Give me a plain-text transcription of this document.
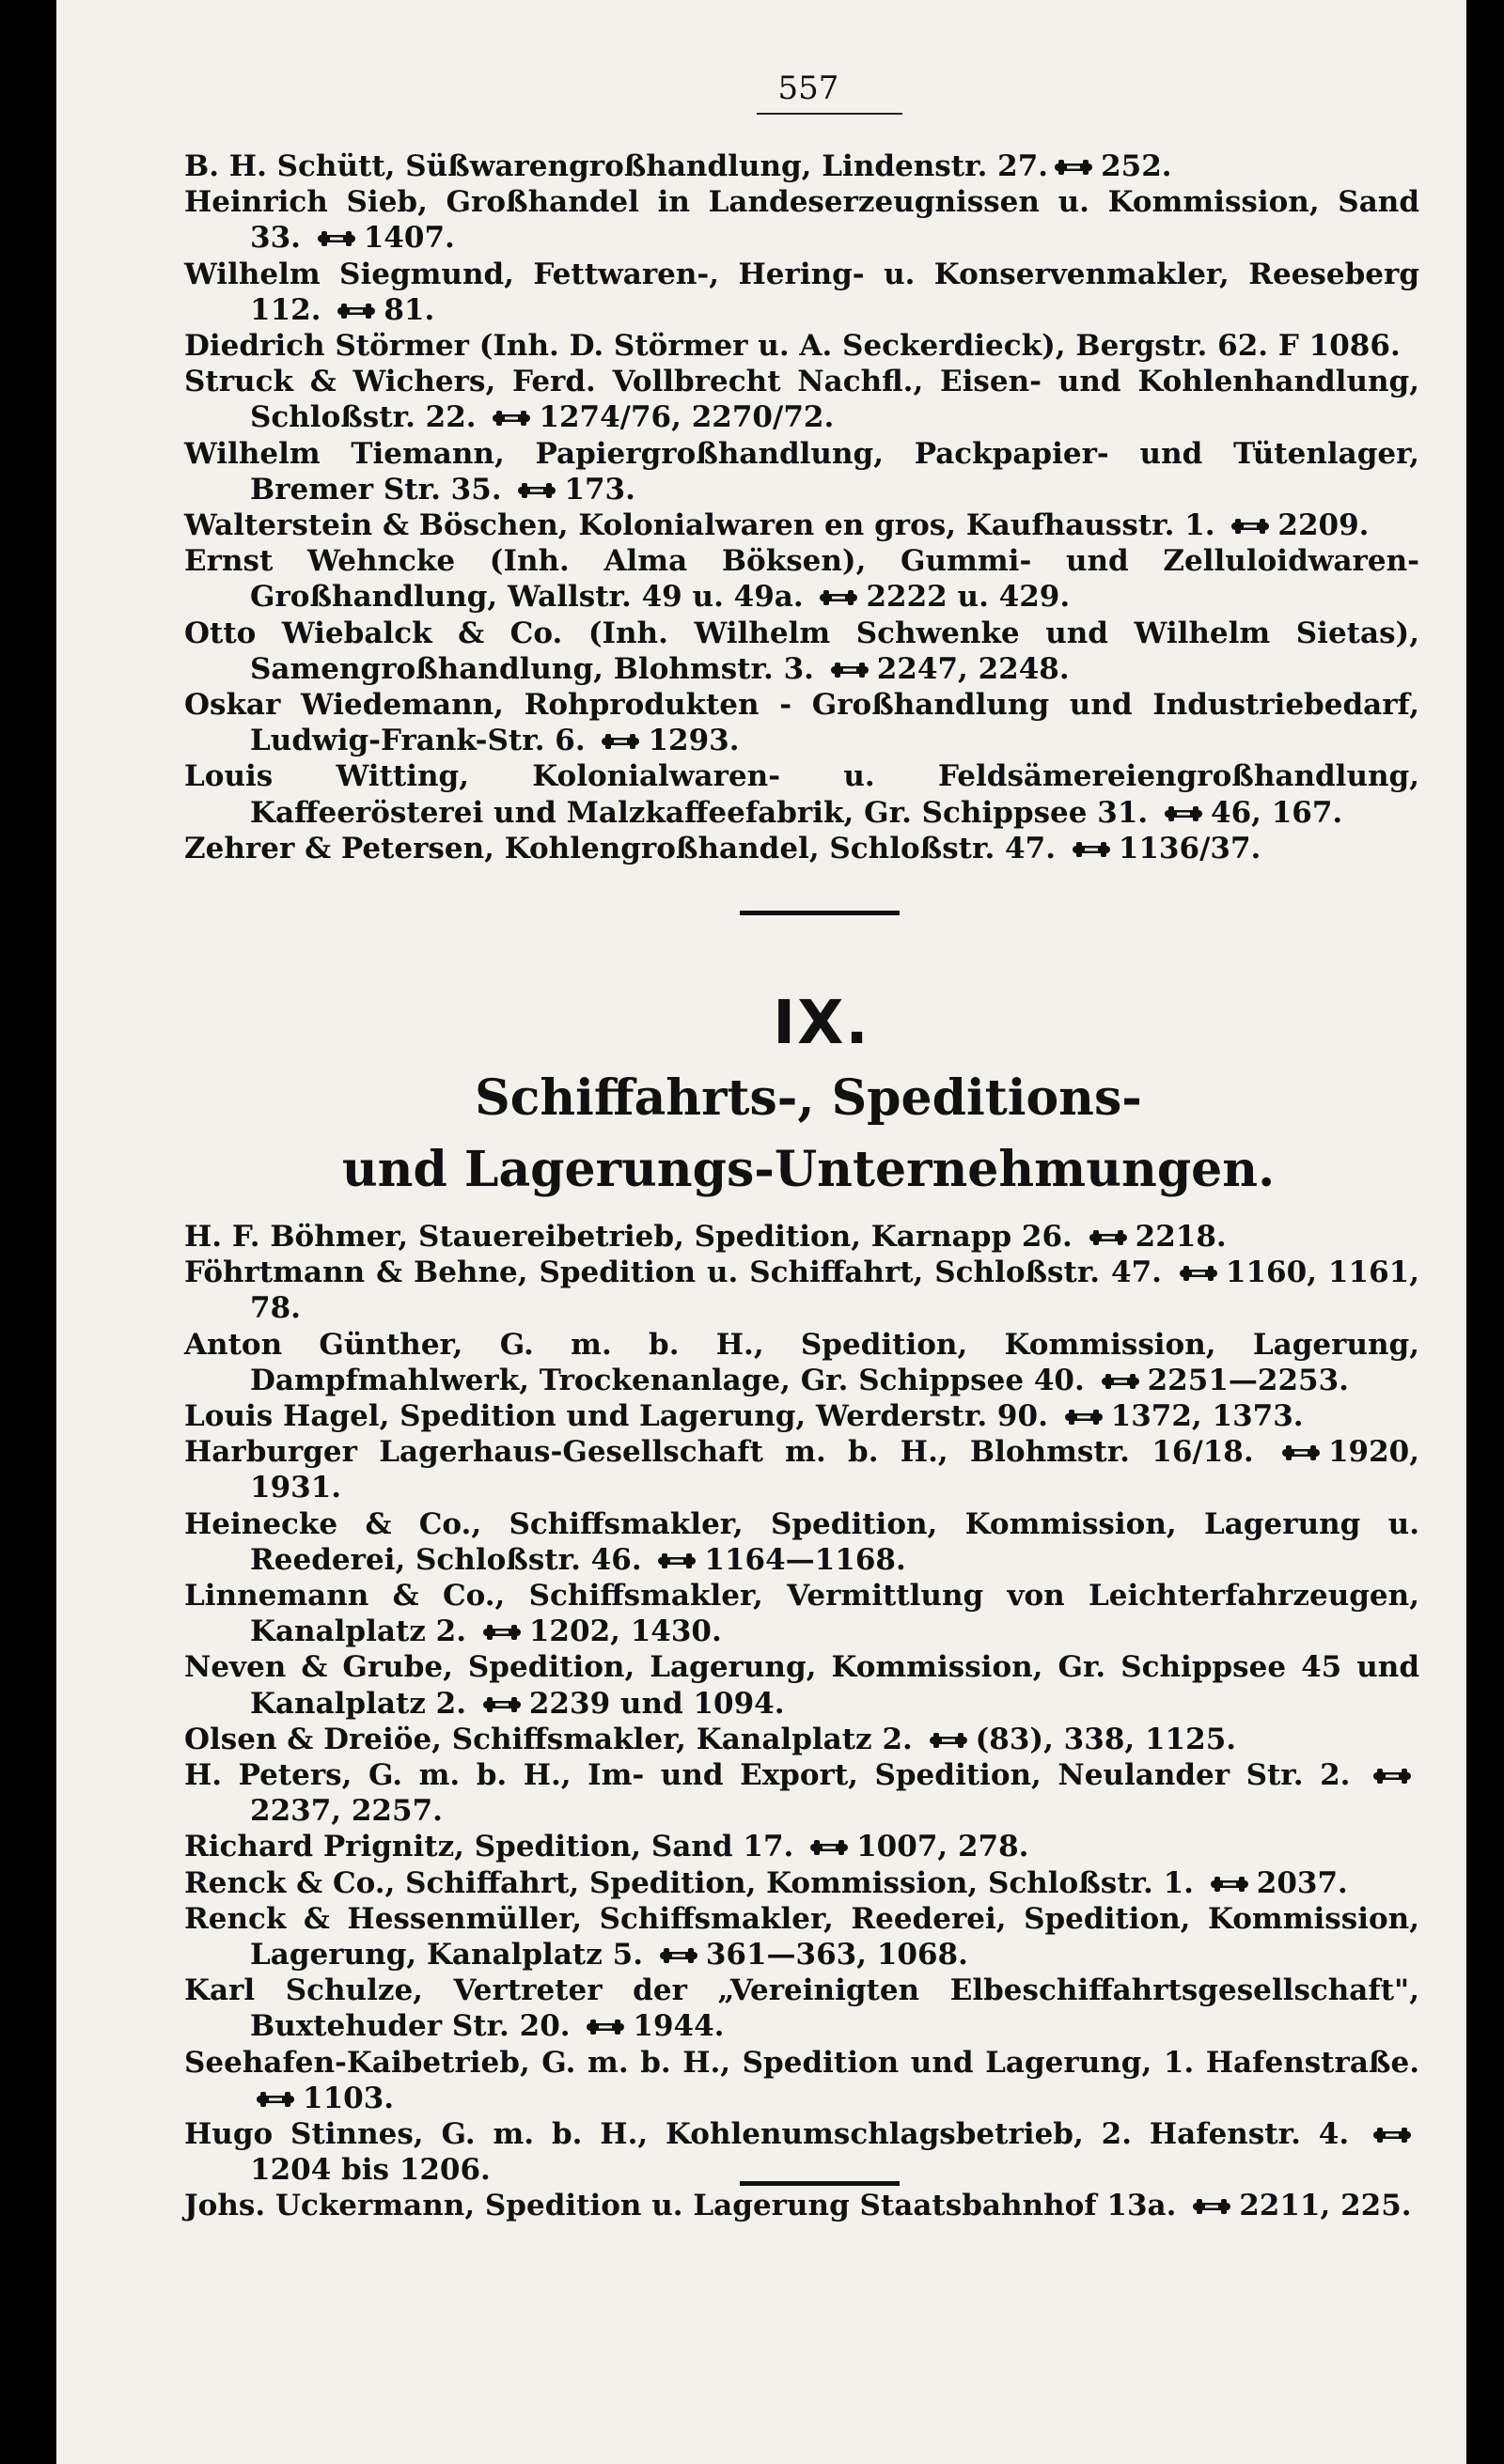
557
B. H. Schütt, Süßwarengroßhandlung, Lindenstr. 27. 252.
Heinrich Sieb, Großhandel in Landeserzeugnissen u. Kommission, Sand 33. 1407.
Wilhelm Siegmund, Fettwaren-, Hering- u. Konservenmakler, Reeseberg 112. 81.
Diedrich Störmer (Inh. D. Störmer u. A. Seckerdieck), Bergstr. 62. F 1086.
Struck & Wichers, Ferd. Vollbrecht Nachfl., Eisen- und Kohlenhandlung, Schloßstr. 22. 1274/76, 2270/72.
Wilhelm Tiemann, Papiergroßhandlung, Packpapier- und Tütenlager, Bremer Str. 35. 173.
Walterstein & Böschen, Kolonialwaren en gros, Kaufhausstr. 1. 2209.
Ernst Wehncke (Inh. Alma Böksen), Gummi- und Zelluloidwaren-Großhandlung, Wallstr. 49 u. 49a. 2222 u. 429.
Otto Wiebalck & Co. (Inh. Wilhelm Schwenke und Wilhelm Sietas), Samengroßhandlung, Blohmstr. 3. 2247, 2248.
Oskar Wiedemann, Rohprodukten - Großhandlung und Industriebedarf, Ludwig-Frank-Str. 6. 1293.
Louis Witting, Kolonialwaren- u. Feldsämereiengroßhandlung, Kaffeerösterei und Malzkaffeefabrik, Gr. Schippsee 31. 46, 167.
Zehrer & Petersen, Kohlengroßhandel, Schloßstr. 47. 1136/37.
IX.
Schiffahrts-, Speditions-
und Lagerungs-Unternehmungen.
H. F. Böhmer, Stauereibetrieb, Spedition, Karnapp 26. 2218.
Föhrtmann & Behne, Spedition u. Schiffahrt, Schloßstr. 47. 1160, 1161, 78.
Anton Günther, G. m. b. H., Spedition, Kommission, Lagerung, Dampfmahlwerk, Trockenanlage, Gr. Schippsee 40. 2251—2253.
Louis Hagel, Spedition und Lagerung, Werderstr. 90. 1372, 1373.
Harburger Lagerhaus-Gesellschaft m. b. H., Blohmstr. 16/18.	1920, 1931.
Heinecke & Co., Schiffsmakler, Spedition, Kommission, Lagerung u. Reederei, Schloßstr. 46. 1164—1168.
Linnemann & Co., Schiffsmakler, Vermittlung von Leichterfahrzeugen, Kanalplatz 2. 1202, 1430.
Neven & Grube, Spedition, Lagerung, Kommission, Gr. Schippsee 45 und Kanalplatz 2. 2239 und 1094.
Olsen & Dreiöe, Schiffsmakler, Kanalplatz 2. (83), 338, 1125.
H. Peters, G. m. b. H., Im- und Export, Spedition, Neulander Str. 2.
2237, 2257.
Richard Prignitz, Spedition, Sand 17. 1007, 278.
Renck & Co., Schiffahrt, Spedition, Kommission, Schloßstr. 1. 2037.
Renck & Hessenmüller, Schiffsmakler, Reederei, Spedition, Kommission, Lagerung, Kanalplatz 5. 361—363, 1068.
Karl Schulze, Vertreter der „Vereinigten Elbeschiffahrtsgesellschaft", Buxtehuder Str. 20. 1944.
Seehafen-Kaibetrieb, G. m. b. H., Spedition und Lagerung, 1. Hafenstraße.
1103.
Hugo Stinnes, G. m. b. H., Kohlenumschlagsbetrieb, 2. Hafenstr. 4.
1204 bis 1206.
Johs. Uckermann, Spedition u. Lagerung Staatsbahnhof 13a. 2211, 225.
